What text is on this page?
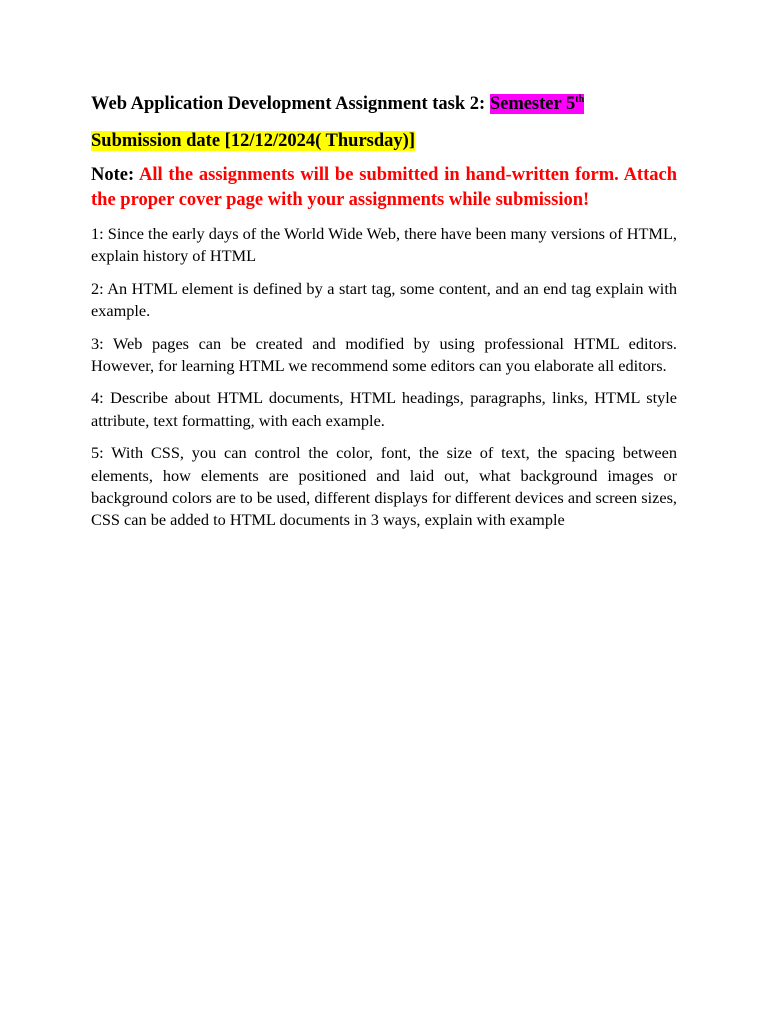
Web Application Development Assignment task 2: Semester 5th

Submission date [12/12/2024( Thursday)]

Note: All the assignments will be submitted in hand-written form. Attach the proper cover page with your assignments while submission!

1: Since the early days of the World Wide Web, there have been many versions of HTML, explain history of HTML

2: An HTML element is defined by a start tag, some content, and an end tag explain with example.

3: Web pages can be created and modified by using professional HTML editors. However, for learning HTML we recommend some editors can you elaborate all editors.

4: Describe about HTML documents, HTML headings, paragraphs, links, HTML style attribute, text formatting, with each example.

5: With CSS, you can control the color, font, the size of text, the spacing between elements, how elements are positioned and laid out, what background images or background colors are to be used, different displays for different devices and screen sizes, CSS can be added to HTML documents in 3 ways, explain with example
